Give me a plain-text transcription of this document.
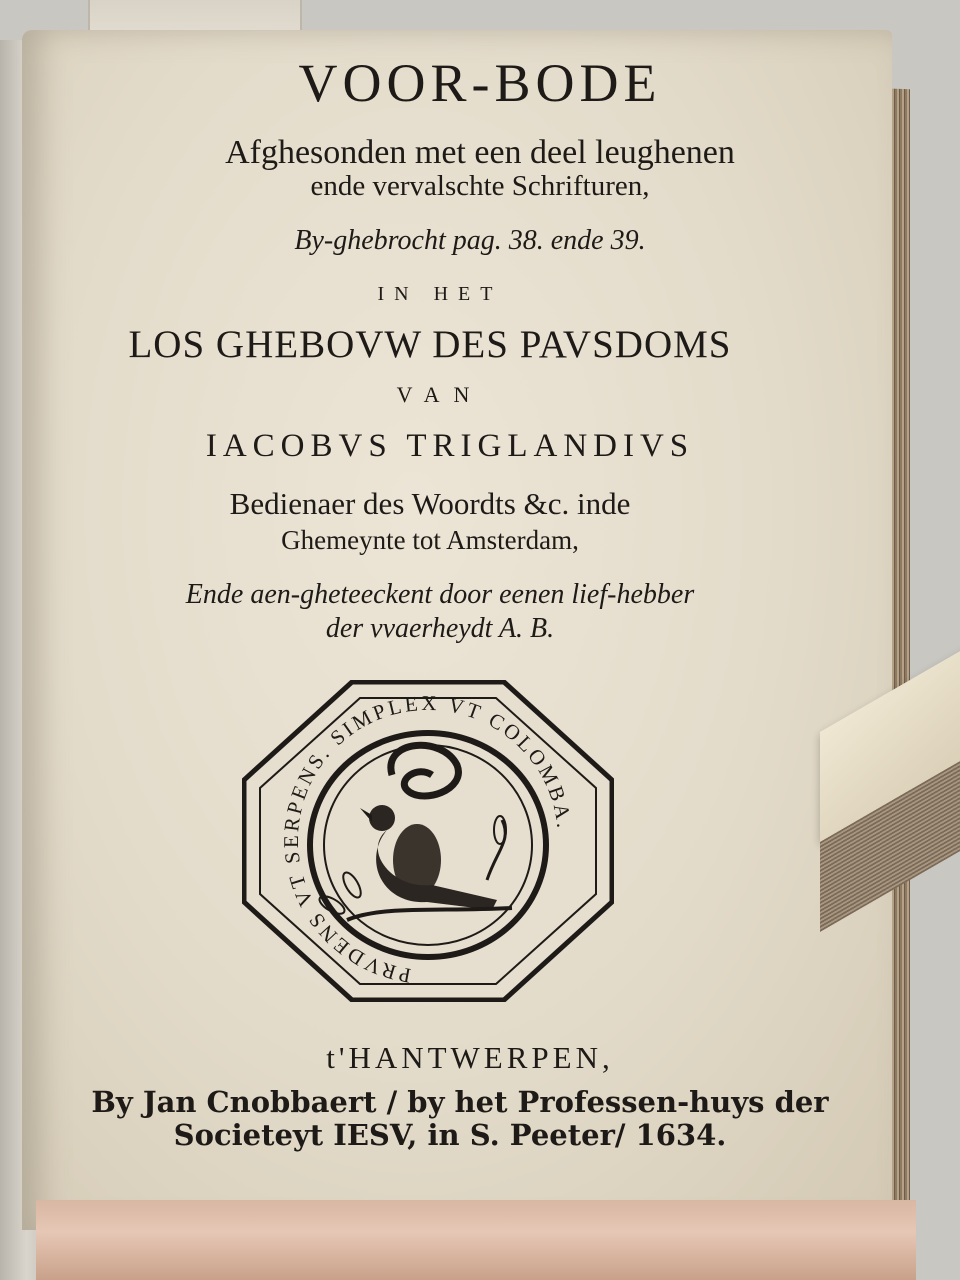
VOOR-BODE
Afghesonden met een deel leughenen
ende vervalschte Schrifturen,
By-ghebrocht pag. 38. ende 39.
IN HET
LOS GHEBOVW DES PAVSDOMS
VAN
IACOBVS TRIGLANDIVS
Bedienaer des Woordts &c. inde
Ghemeynte tot Amsterdam,
Ende aen-gheteeckent door eenen lief-hebber
der vvaerheydt A. B.
PRVDENS VT SERPENS. SIMPLEX VT COLOMBA.
t'HANTWERPEN,
By Jan Cnobbaert / by het Professen-huys der
Societeyt IESV, in S. Peeter/ 1634.
